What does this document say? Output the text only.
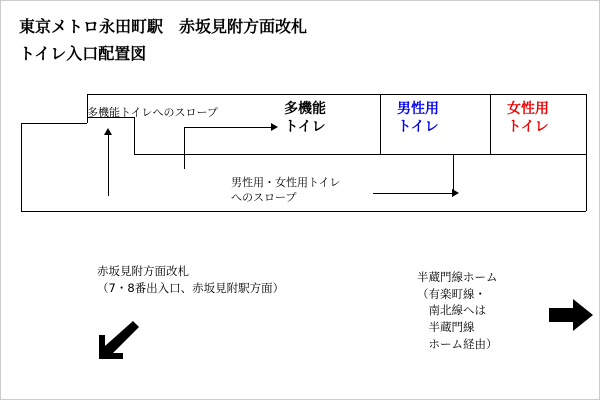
東京メトロ永田町駅　赤坂見附方面改札
トイレ入口配置図
多機能
トイレ
男性用
トイレ
女性用
トイレ
多機能トイレへのスロープ
男性用・女性用トイレ
へのスロープ
赤坂見附方面改札
（7・8番出入口、赤坂見附駅方面）
半蔵門線ホーム
（有楽町線・
　南北線へは
　半蔵門線
　ホーム経由）
